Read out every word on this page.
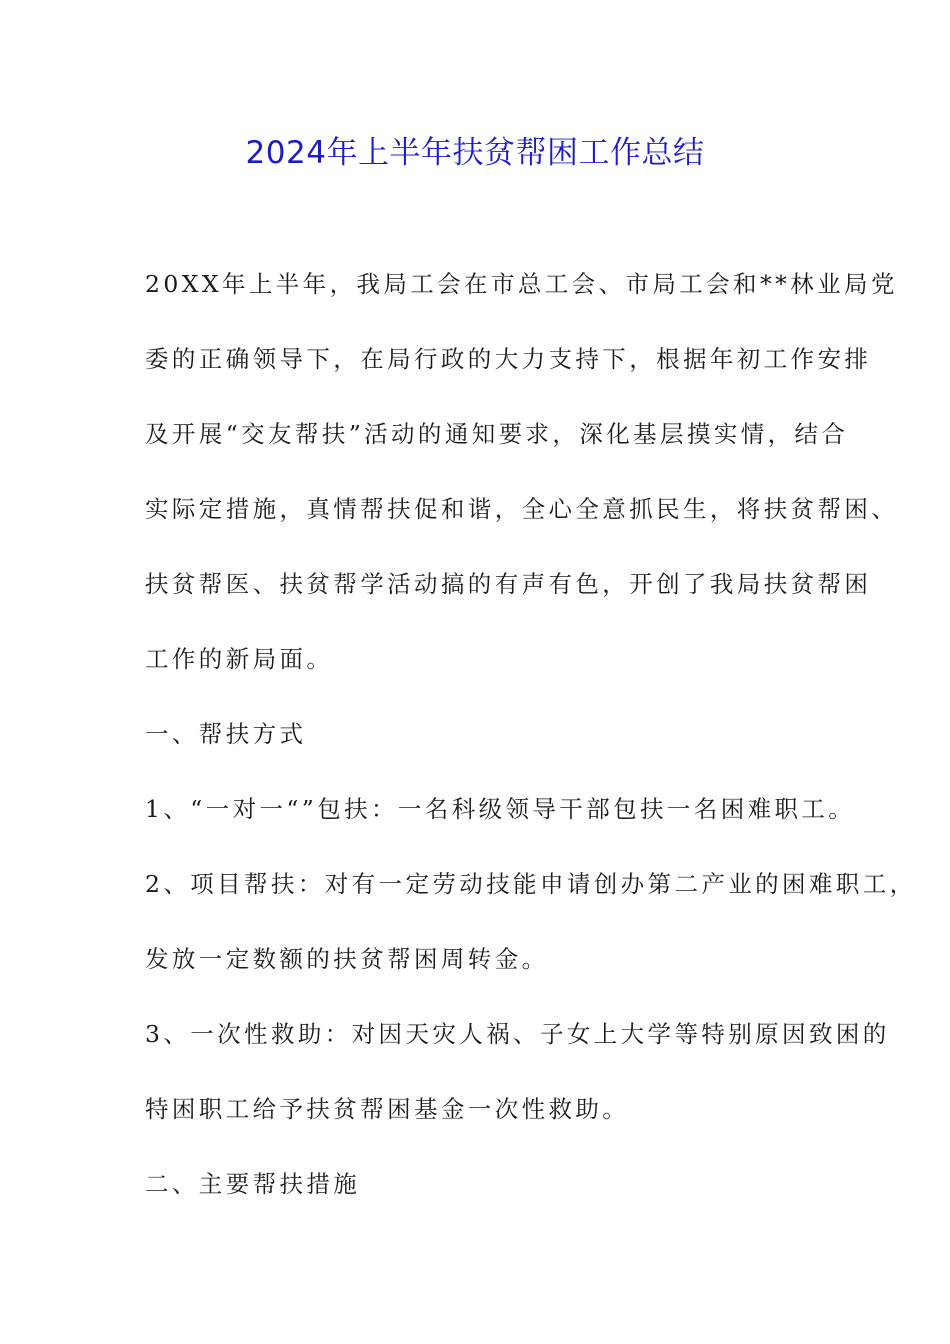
2024年上半年扶贫帮困工作总结

20XX年上半年，我局工会在市总工会、市局工会和**林业局党

委的正确领导下，在局行政的大力支持下，根据年初工作安排

及开展“交友帮扶”活动的通知要求，深化基层摸实情，结合

实际定措施，真情帮扶促和谐，全心全意抓民生，将扶贫帮困、

扶贫帮医、扶贫帮学活动搞的有声有色，开创了我局扶贫帮困

工作的新局面。

一、帮扶方式

1、“一对一“”包扶：一名科级领导干部包扶一名困难职工。

2、项目帮扶：对有一定劳动技能申请创办第二产业的困难职工，

发放一定数额的扶贫帮困周转金。

3、一次性救助：对因天灾人祸、子女上大学等特别原因致困的

特困职工给予扶贫帮困基金一次性救助。

二、主要帮扶措施
